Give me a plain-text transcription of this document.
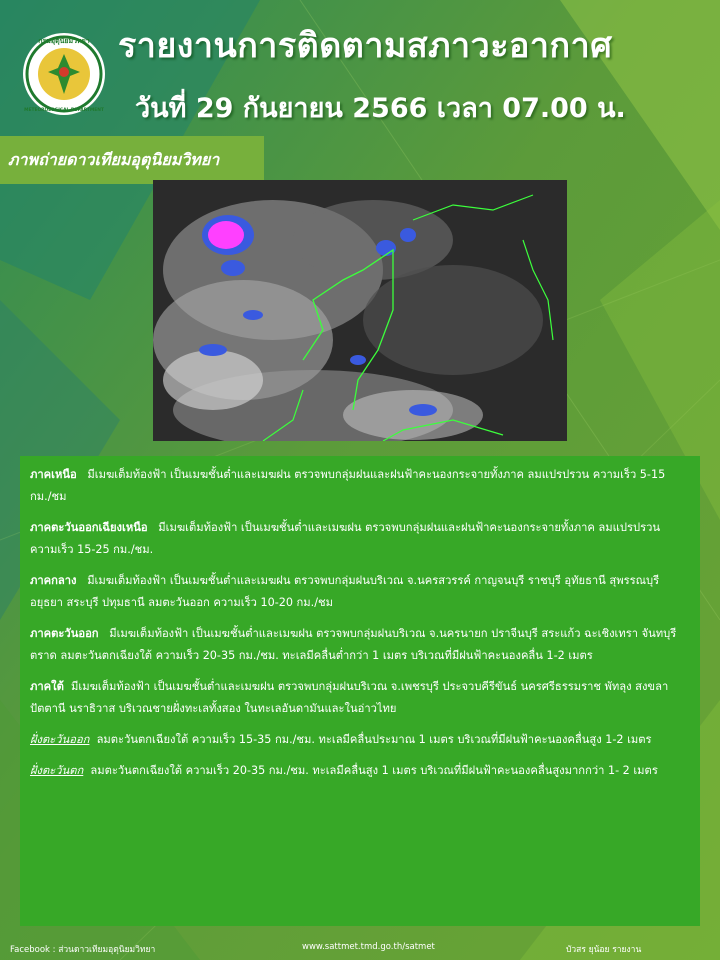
กรมอุตุนิยมวิทยา
METEOROLOGICAL DEPARTMENT
รายงานการติดตามสภาวะอากาศ
วันที่ 29 กันยายน 2566 เวลา 07.00 น.
ภาพถ่ายดาวเทียมอุตุนิยมวิทยา
ภาคเหนือ มีเมฆเต็มท้องฟ้า เป็นเมฆชั้นต่ำและเมฆฝน ตรวจพบกลุ่มฝนและฝนฟ้าคะนองกระจายทั้งภาค ลมแปรปรวน ความเร็ว 5-15 กม./ชม
ภาคตะวันออกเฉียงเหนือ มีเมฆเต็มท้องฟ้า เป็นเมฆชั้นต่ำและเมฆฝน ตรวจพบกลุ่มฝนและฝนฟ้าคะนองกระจายทั้งภาค ลมแปรปรวน ความเร็ว 15-25 กม./ชม.
ภาคกลาง มีเมฆเต็มท้องฟ้า เป็นเมฆชั้นต่ำและเมฆฝน ตรวจพบกลุ่มฝนบริเวณ จ.นครสวรรค์ กาญจนบุรี ราชบุรี อุทัยธานี สุพรรณบุรี อยุธยา สระบุรี ปทุมธานี ลมตะวันออก ความเร็ว 10-20 กม./ชม
ภาคตะวันออก มีเมฆเต็มท้องฟ้า เป็นเมฆชั้นต่ำและเมฆฝน ตรวจพบกลุ่มฝนบริเวณ จ.นครนายก ปราจีนบุรี สระแก้ว ฉะเชิงเทรา จันทบุรี ตราด ลมตะวันตกเฉียงใต้ ความเร็ว 20-35 กม./ชม. ทะเลมีคลื่นต่ำกว่า 1 เมตร บริเวณที่มีฝนฟ้าคะนองคลื่น 1-2 เมตร
ภาคใต้ มีเมฆเต็มท้องฟ้า เป็นเมฆชั้นต่ำและเมฆฝน ตรวจพบกลุ่มฝนบริเวณ จ.เพชรบุรี ประจวบคีรีขันธ์ นครศรีธรรมราช พัทลุง สงขลา ปัตตานี นราธิวาส บริเวณชายฝั่งทะเลทั้งสอง ในทะเลอันดามันและในอ่าวไทย
ฝั่งตะวันออก ลมตะวันตกเฉียงใต้ ความเร็ว 15-35 กม./ชม. ทะเลมีคลื่นประมาณ 1 เมตร บริเวณที่มีฝนฟ้าคะนองคลื่นสูง 1-2 เมตร
ฝั่งตะวันตก ลมตะวันตกเฉียงใต้ ความเร็ว 20-35 กม./ชม. ทะเลมีคลื่นสูง 1 เมตร บริเวณที่มีฝนฟ้าคะนองคลื่นสูงมากกว่า 1- 2 เมตร
Facebook : ส่วนดาวเทียมอุตุนิยมวิทยา	www.sattmet.tmd.go.th/satmet	บัวสร ยุน้อย รายงาน
